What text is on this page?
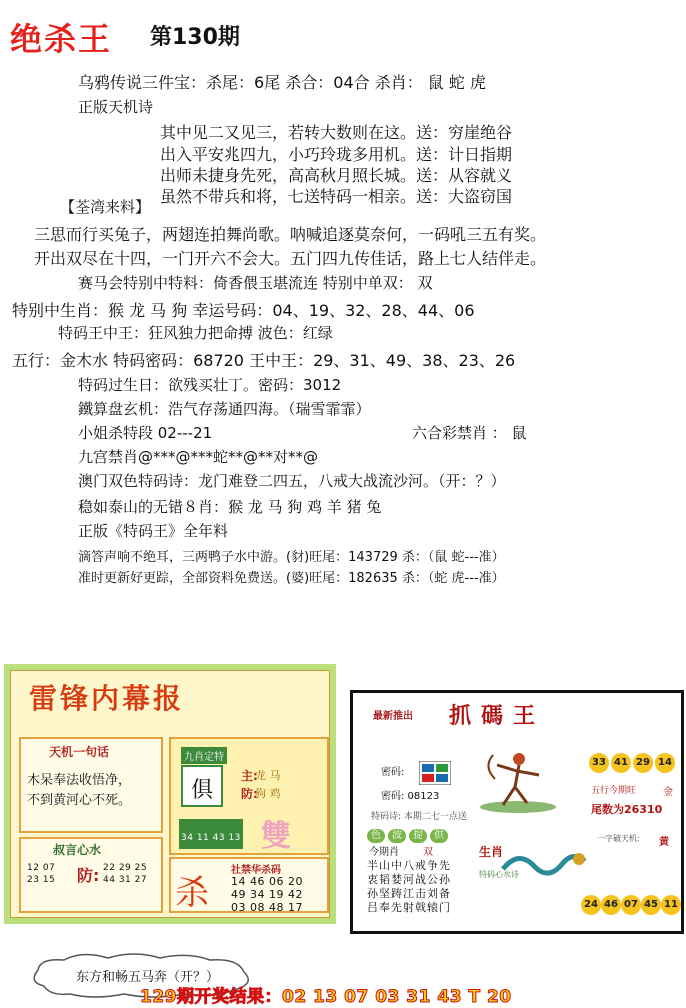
绝杀王 第130期
乌鸦传说三件宝：杀尾：6尾 杀合：04合 杀肖： 鼠 蛇 虎
正版天机诗
其中见二又见三，若转大数则在这。送：穷崖绝谷
出入平安兆四九，小巧玲珑多用机。送：计日指期
出师未捷身先死，高高秋月照长城。送：从容就义
虽然不带兵和将，七送特码一相亲。送：大盗窃国
【荃湾来料】
三思而行买兔子，两翅连拍舞尚歌。呐喊追逐莫奈何，一码吼三五有奖。
开出双尽在十四，一门开六不会大。五门四九传佳话，路上七人结伴走。
赛马会特别中特料：倚香偎玉堪流连 特别中单双： 双
特别中生肖：猴 龙 马 狗 幸运号码：04、19、32、28、44、06
特码王中王：狂风独力把命搏 波色：红绿
五行：金木水 特码密码：68720 王中王：29、31、49、38、23、26
特码过生日：欲残买壮丁。密码：3012
鐵算盘玄机：浩气存荡通四海。（瑞雪霏霏）
小姐杀特段 02---21	六合彩禁肖 ： 鼠
九宫禁肖@***@***蛇**@**对**@
澳门双色特码诗：龙门难登二四五，八戒大战流沙河。（开：？）
稳如泰山的无错８肖：猴 龙 马 狗 鸡 羊 猪 兔
正版《特码王》全年料
滴答声响不绝耳，三两鸭子水中游。(豺)旺尾：143729 杀：（鼠 蛇---准）
准时更新好更踪，全部资料免费送。(婆)旺尾：182635 杀：（蛇 虎---准）
雷锋内幕报
天机一句话
木呆奉法收悟净，
不到黄河心不死。
九肖定特
俱
主:
龙 马
防:
狗 鸡
34 11 43 13 雙
叔言心水
12 07
23 15 防: 22 29 25
44 31 27 杀
社禁华杀码
14 46 06 20
49 34 19 42
03 08 48 17
最新推出 抓碼王
密码:
密码: 08123
特码诗: 本期二七一点送
33 41 29 14
五行今期旺	金
尾数为26310
色 波 提 供
今期肖 双
半山中八戒争先
衷韬婪河战公孙
孙坚踌江击刘备
吕奉先射戟辕门
生肖
特码心水诗
一字破天机: 黄
24 46 07 45 11
东方和畅五马奔（开？）
129期开奖结果：02 13 07 03 31 43 T 20
